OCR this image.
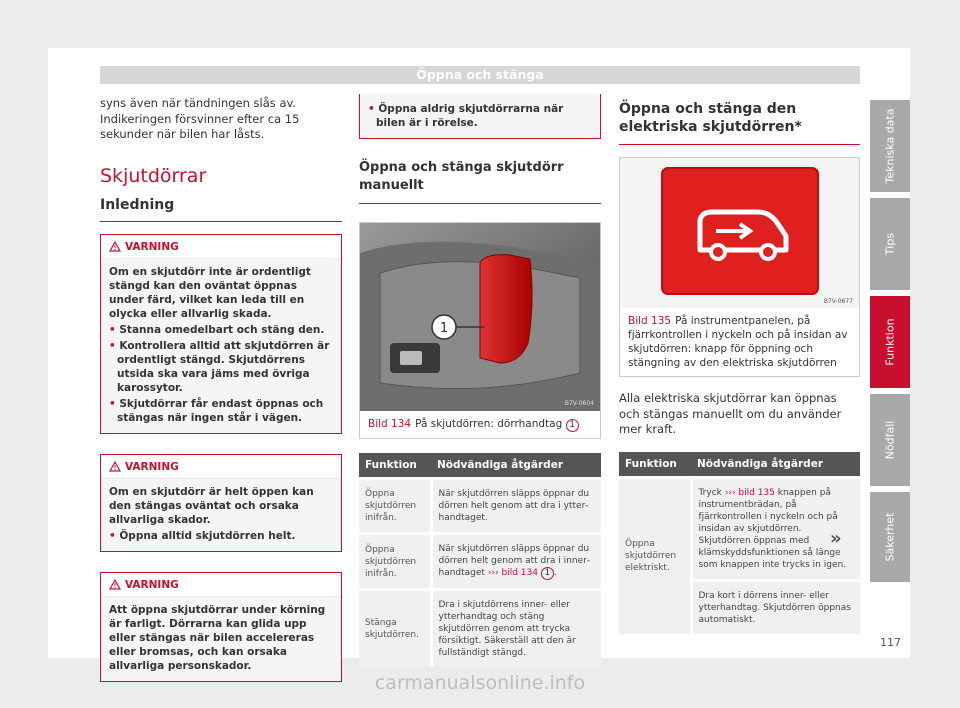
Öppna och stänga

syns även när tändningen slås av. Indikeringen försvinner efter ca 15 sekunder när bilen har låsts.

Skjutdörrar
Inledning
VARNING
Om en skjutdörr inte är ordentligt stängd kan den oväntat öppnas under färd, vilket kan leda till en olycka eller allvarlig skada.
• Stanna omedelbart och stäng den.
• Kontrollera alltid att skjutdörren är ordentligt stängd. Skjutdörrens utsida ska vara jäms med övriga karossytor.
• Skjutdörrar får endast öppnas och stängas när ingen står i vägen.
VARNING
Om en skjutdörr är helt öppen kan den stängas oväntat och orsaka allvarliga skador.
• Öppna alltid skjutdörren helt.
VARNING
Att öppna skjutdörrar under körning är farligt. Dörrarna kan glida upp eller stängas när bilen accelereras eller bromsas, och kan orsaka allvarliga personskador.
• Öppna aldrig skjutdörrarna när bilen är i rörelse.
Öppna och stänga skjutdörr manuellt
1
B7V-0604
Bild 134 På skjutdörren: dörrhandtag 1
Funktion	Nödvändiga åtgärder
Öppna skjutdörren inifrån.	När skjutdörren släpps öppnar du dörren helt genom att dra i ytterhandtaget.
Öppna skjutdörren inifrån.	När skjutdörren släpps öppnar du dörren helt genom att dra i innerhandtaget ››› bild 134 1 .
Stänga skjutdörren.	Dra i skjutdörrens inner- eller ytterhandtag och stäng skjutdörren genom att trycka försiktigt. Säkerställ att den är fullständigt stängd.
Öppna och stänga den elektriska skjutdörren*
B7V-0677
Bild 135 På instrumentpanelen, på fjärrkontrollen i nyckeln och på insidan av skjutdörren: knapp för öppning och stängning av den elektriska skjutdörren

Alla elektriska skjutdörrar kan öppnas och stängas manuellt om du använder mer kraft.

Funktion	Nödvändiga åtgärder
Öppna skjutdörren elektriskt.	Tryck ››› bild 135 knappen på instrumentbrädan, på fjärrkontrollen i nyckeln och på insidan av skjutdörren. Skjutdörren öppnas med klämskyddsfunktionen så länge som knappen inte trycks in igen.
	Dra kort i dörrens inner- eller ytterhandtag. Skjutdörren öppnas automatiskt.
»
Tekniska data
Tips
Funktion
Nödfall
Säkerhet
117
carmanualsonline.info
